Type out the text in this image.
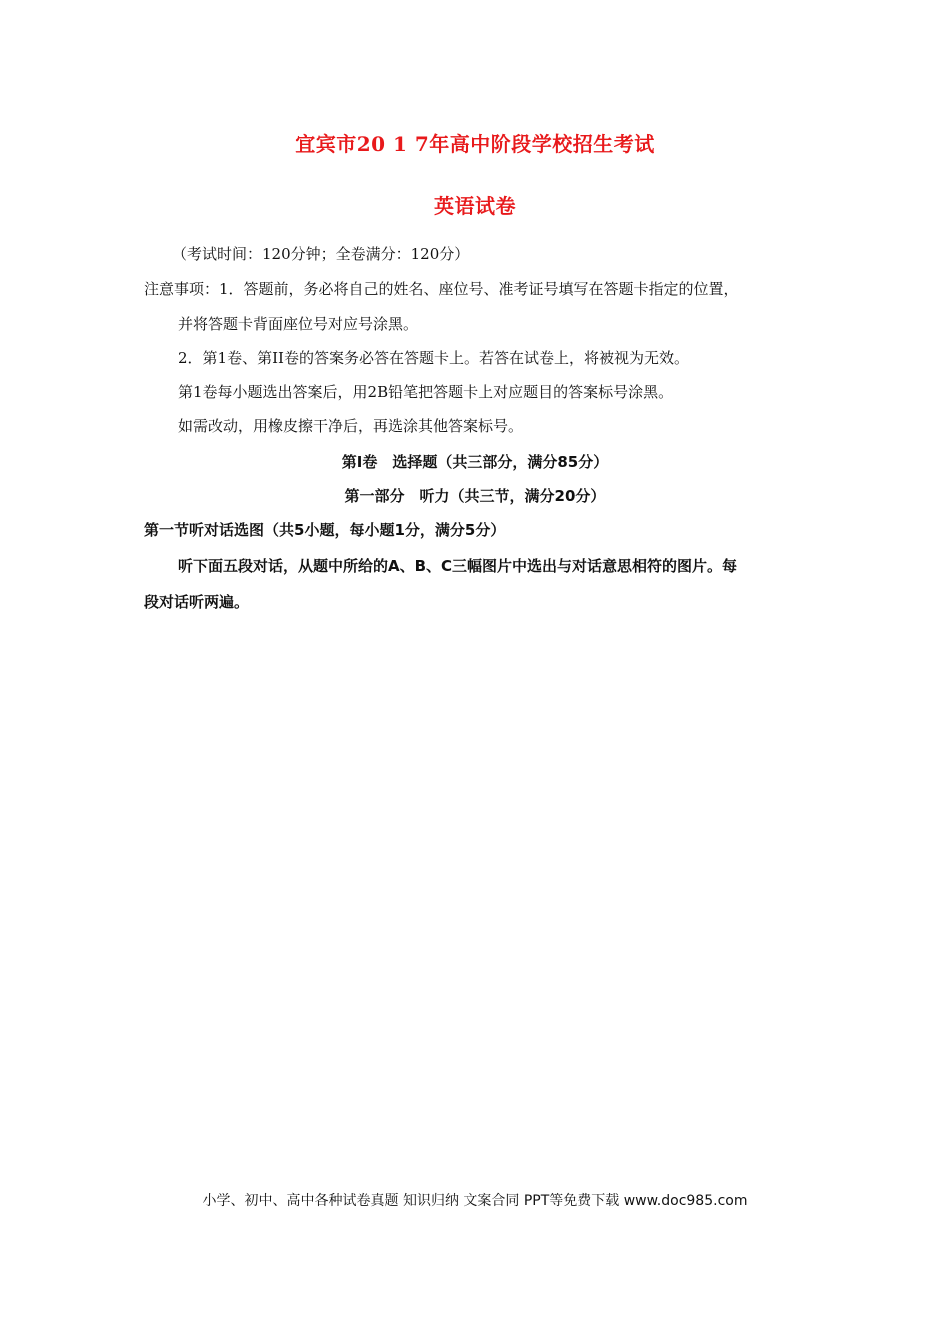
宜宾市20 1 7年高中阶段学校招生考试
英语试卷
（考试时间：120分钟；全卷满分：120分）
注意事项：1．答题前，务必将自己的姓名、座位号、准考证号填写在答题卡指定的位置，
并将答题卡背面座位号对应号涂黑。
2．第1卷、第II卷的答案务必答在答题卡上。若答在试卷上，将被视为无效。
第1卷每小题选出答案后，用2B铅笔把答题卡上对应题目的答案标号涂黑。
如需改动，用橡皮擦干净后，再选涂其他答案标号。
第I卷　选择题（共三部分，满分85分）
第一部分　听力（共三节，满分20分）
第一节听对话选图（共5小题，每小题1分，满分5分）
听下面五段对话，从题中所给的A、B、C三幅图片中选出与对话意思相符的图片。每
段对话听两遍。
小学、初中、高中各种试卷真题 知识归纳 文案合同 PPT等免费下载 www.doc985.com
